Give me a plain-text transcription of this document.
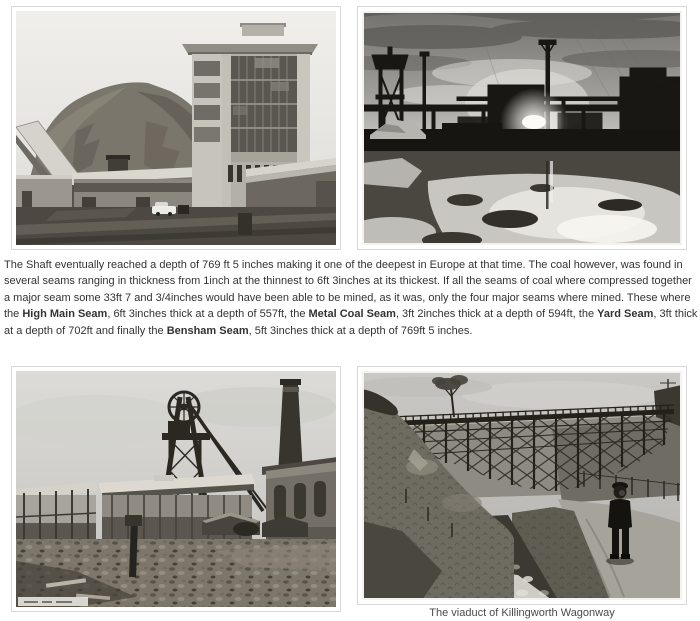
The Shaft eventually reached a depth of 769 ft 5 inches making it one of the deepest in Europe at that time. The coal however, was found in several seams ranging in thickness from 1inch at the thinnest to 6ft 3inches at its thickest. If all the seams of coal where compressed together a major seam some 33ft 7 and 3/4inches would have been able to be mined, as it was, only the four major seams where mined. These where the High Main Seam, 6ft 3inches thick at a depth of 557ft, the Metal Coal Seam, 3ft 2inches thick at a depth of 594ft, the Yard Seam, 3ft thick at a depth of 702ft and finally the Bensham Seam, 5ft 3inches thick at a depth of 769ft 5 inches.

The viaduct of Killingworth Wagonway
